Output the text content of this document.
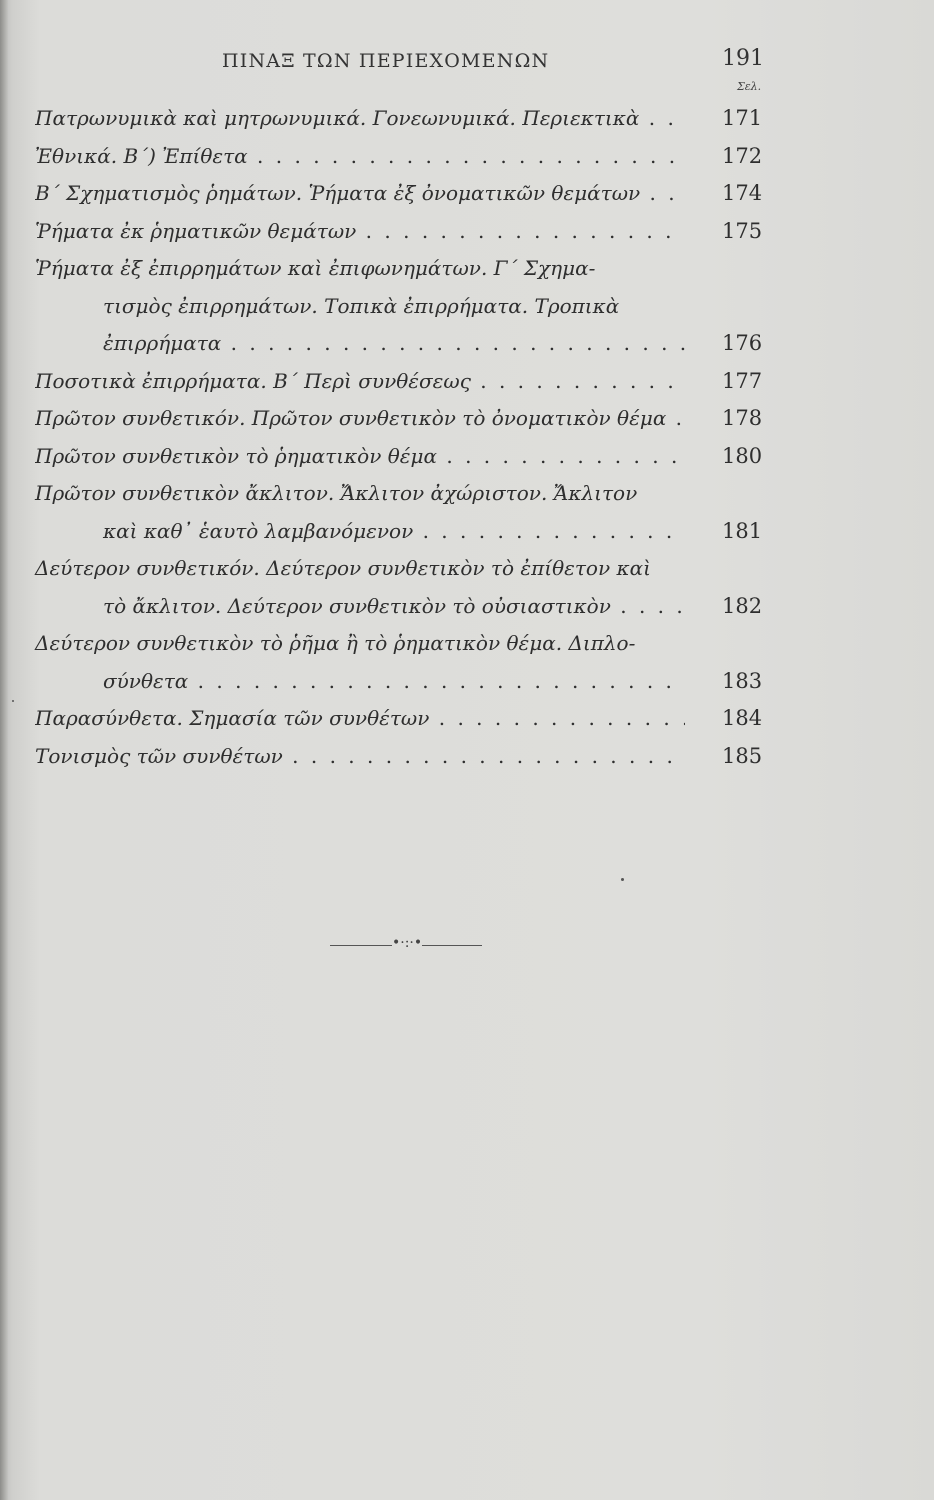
ΠΙΝΑΞ ΤΩΝ ΠΕΡΙΕΧΟΜΕΝΩΝ	191
Σελ.
Πατρωνυμικὰ καὶ μητρωνυμικά. Γονεωνυμικά. Περιεκτικὰ . . .	171
Ἐθνικά. Β΄) Ἐπίθετα . . .	172
Β΄ Σχηματισμὸς ῥημάτων. Ῥήματα ἐξ ὀνοματικῶν θεμάτων . . .	174
Ῥήματα ἐκ ῥηματικῶν θεμάτων . . .	175
Ῥήματα ἐξ ἐπιρρημάτων καὶ ἐπιφωνημάτων. Γ΄ Σχημα-
τισμὸς ἐπιρρημάτων. Τοπικὰ ἐπιρρήματα. Τροπικὰ
ἐπιρρήματα . . .	176
Ποσοτικὰ ἐπιρρήματα. Β΄ Περὶ συνθέσεως . . .	177
Πρῶτον συνθετικόν. Πρῶτον συνθετικὸν τὸ ὀνοματικὸν θέμα . . .	178
Πρῶτον συνθετικὸν τὸ ῥηματικὸν θέμα . . .	180
Πρῶτον συνθετικὸν ἄκλιτον. Ἄκλιτον ἀχώριστον. Ἄκλιτον
καὶ καθ᾽ ἑαυτὸ λαμβανόμενον . . .	181
Δεύτερον συνθετικόν. Δεύτερον συνθετικὸν τὸ ἐπίθετον καὶ
τὸ ἄκλιτον. Δεύτερον συνθετικὸν τὸ οὐσιαστικὸν . . .	182
Δεύτερον συνθετικὸν τὸ ῥῆμα ἢ τὸ ῥηματικὸν θέμα. Διπλο-
σύνθετα . . .	183
Παρασύνθετα. Σημασία τῶν συνθέτων . . .	184
Τονισμὸς τῶν συνθέτων . . .	185
•·:·•
